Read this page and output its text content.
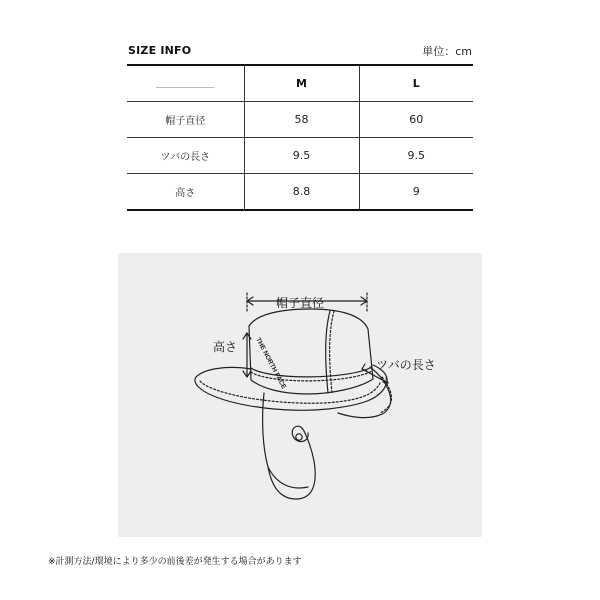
SIZE INFO	単位：cm
	M	L
帽子直径	58	60
ツバの長さ	9.5	9.5
高さ	8.8	9
THE NORTH FACE
帽子直径
高さ
ツバの長さ
※計測方法/環境により多少の前後差が発生する場合があります
